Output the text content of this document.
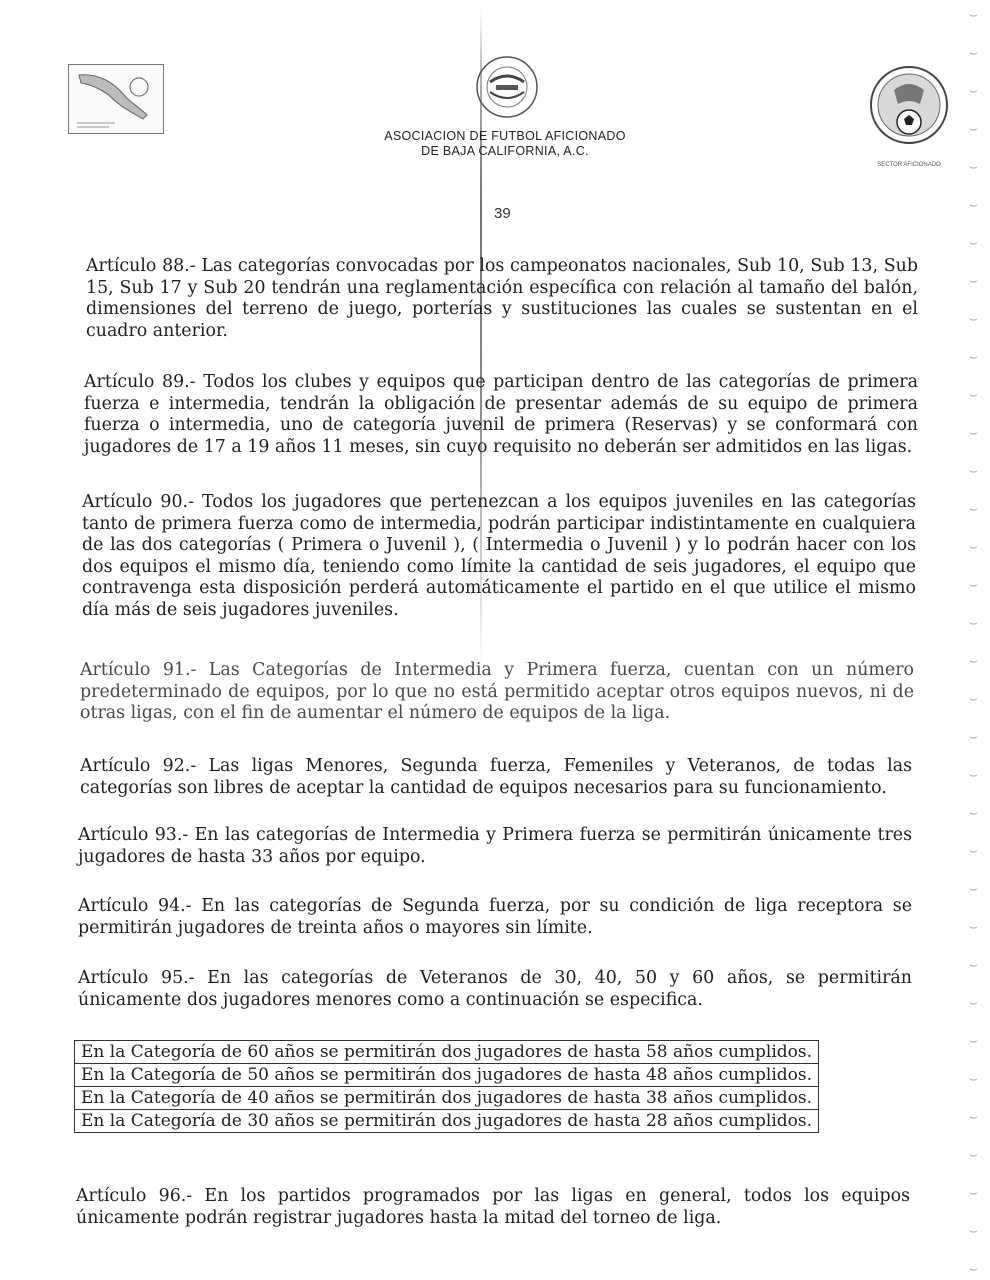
SECTOR AFICIONADO
ASOCIACION DE FUTBOL AFICIONADO
DE BAJA CALIFORNIA, A.C.
39

Artículo 88.- Las categorías convocadas por los campeonatos nacionales, Sub 10, Sub 13, Sub 15, Sub 17 y Sub 20 tendrán una reglamentación específica con relación al tamaño del balón, dimensiones del terreno de juego, porterías y sustituciones las cuales se sustentan en el cuadro anterior.

Artículo 89.- Todos los clubes y equipos que participan dentro de las categorías de primera fuerza e intermedia, tendrán la obligación de presentar además de su equipo de primera fuerza o intermedia, uno de categoría juvenil de primera (Reservas) y se conformará con jugadores de 17 a 19 años 11 meses, sin cuyo requisito no deberán ser admitidos en las ligas.

Artículo 90.- Todos los jugadores que pertenezcan a los equipos juveniles en las categorías tanto de primera fuerza como de intermedia, podrán participar indistintamente en cualquiera de las dos categorías ( Primera o Juvenil ), ( Intermedia o Juvenil ) y lo podrán hacer con los dos equipos el mismo día, teniendo como límite la cantidad de seis jugadores, el equipo que contravenga esta disposición perderá automáticamente el partido en el que utilice el mismo día más de seis jugadores juveniles.

Artículo 91.- Las Categorías de Intermedia y Primera fuerza, cuentan con un número predeterminado de equipos, por lo que no está permitido aceptar otros equipos nuevos, ni de otras ligas, con el fin de aumentar el número de equipos de la liga.

Artículo 92.- Las ligas Menores, Segunda fuerza, Femeniles y Veteranos, de todas las categorías son libres de aceptar la cantidad de equipos necesarios para su funcionamiento.

Artículo 93.- En las categorías de Intermedia y Primera fuerza se permitirán únicamente tres jugadores de hasta 33 años por equipo.

Artículo 94.- En las categorías de Segunda fuerza, por su condición de liga receptora se permitirán jugadores de treinta años o mayores sin límite.

Artículo 95.- En las categorías de Veteranos de 30, 40, 50 y 60 años, se permitirán únicamente dos jugadores menores como a continuación se especifica.

En la Categoría de 60 años se permitirán dos jugadores de hasta 58 años cumplidos.
En la Categoría de 50 años se permitirán dos jugadores de hasta 48 años cumplidos.
En la Categoría de 40 años se permitirán dos jugadores de hasta 38 años cumplidos.
En la Categoría de 30 años se permitirán dos jugadores de hasta 28 años cumplidos.

Artículo 96.- En los partidos programados por las ligas en general, todos los equipos únicamente podrán registrar jugadores hasta la mitad del torneo de liga.

⌣
⌣
⌣
⌣
⌣
⌣
⌣
⌣
⌣
⌣
⌣
⌣
⌣
⌣
⌣
⌣
⌣
⌣
⌣
⌣
⌣
⌣
⌣
⌣
⌣
⌣
⌣
⌣
⌣
⌣
⌣
⌣
⌣
⌣
